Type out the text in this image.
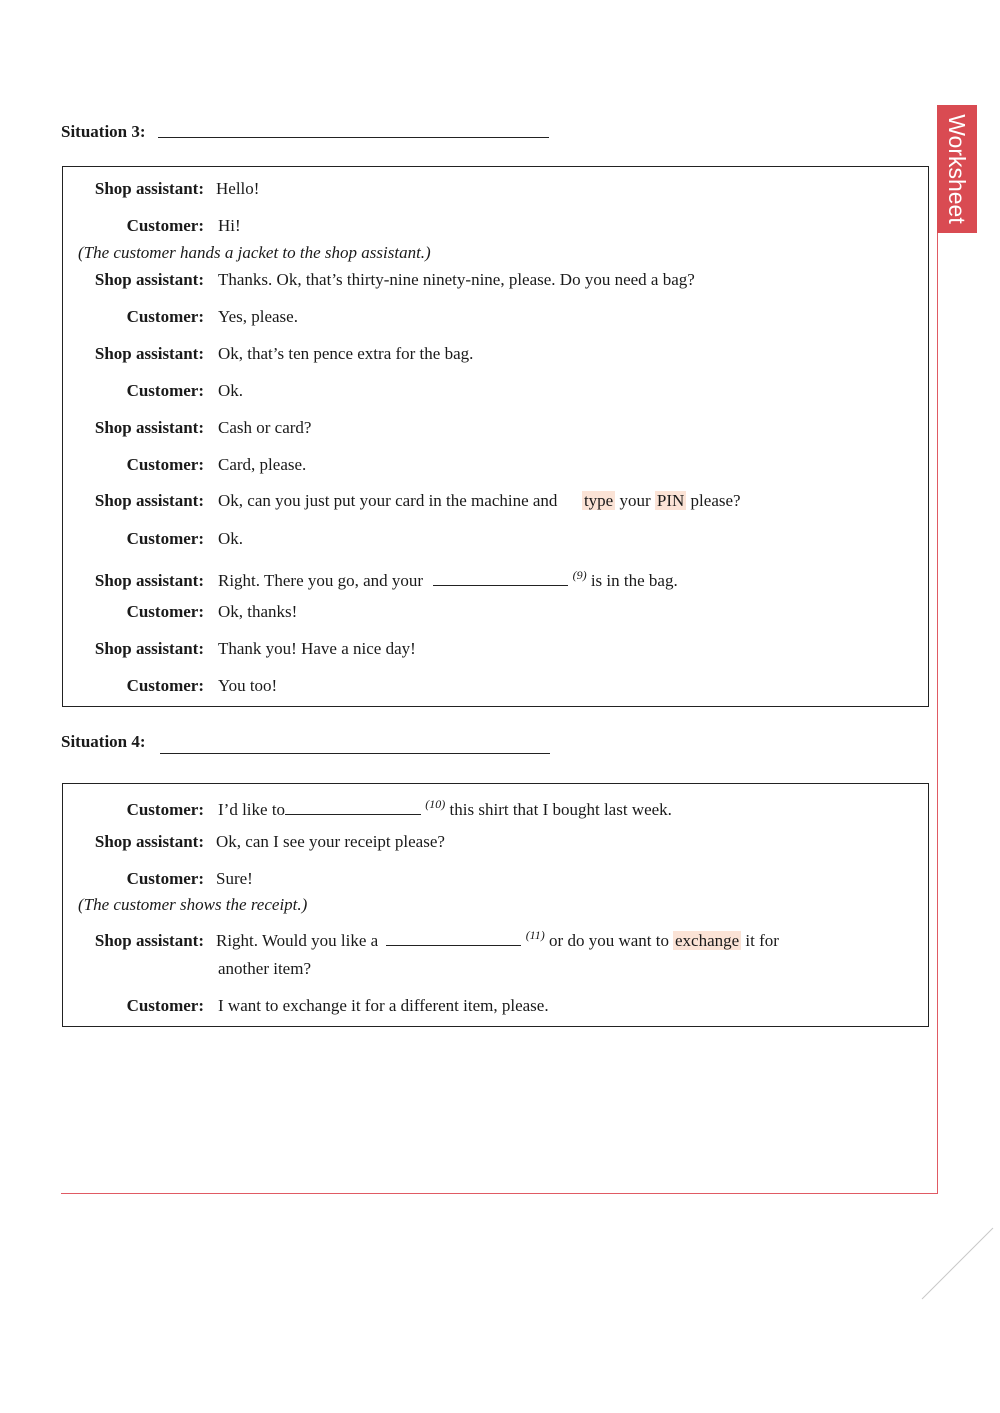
Worksheet
Situation 3:
Shop assistant: Hello!
Customer: Hi!
(The customer hands a jacket to the shop assistant.)
Shop assistant: Thanks. Ok, that’s thirty-nine ninety-nine, please. Do you need a bag?
Customer: Yes, please.
Shop assistant: Ok, that’s ten pence extra for the bag.
Customer: Ok.
Shop assistant: Cash or card?
Customer: Card, please.
Shop assistant: Ok, can you just put your card in the machine and type your PIN please?
Customer: Ok.
Shop assistant: Right. There you go, and your	$^{(9)}$ is in the bag.
Customer: Ok, thanks!
Shop assistant: Thank you! Have a nice day!
Customer: You too!
Situation 4:
Customer: I’d like to	$^{(10)}$ this shirt that I bought last week.
Shop assistant: Ok, can I see your receipt please?
Customer: Sure!
(The customer shows the receipt.)
Shop assistant: Right. Would you like a	$^{(11)}$ or do you want to exchange it for
another item?
Customer: I want to exchange it for a different item, please.
